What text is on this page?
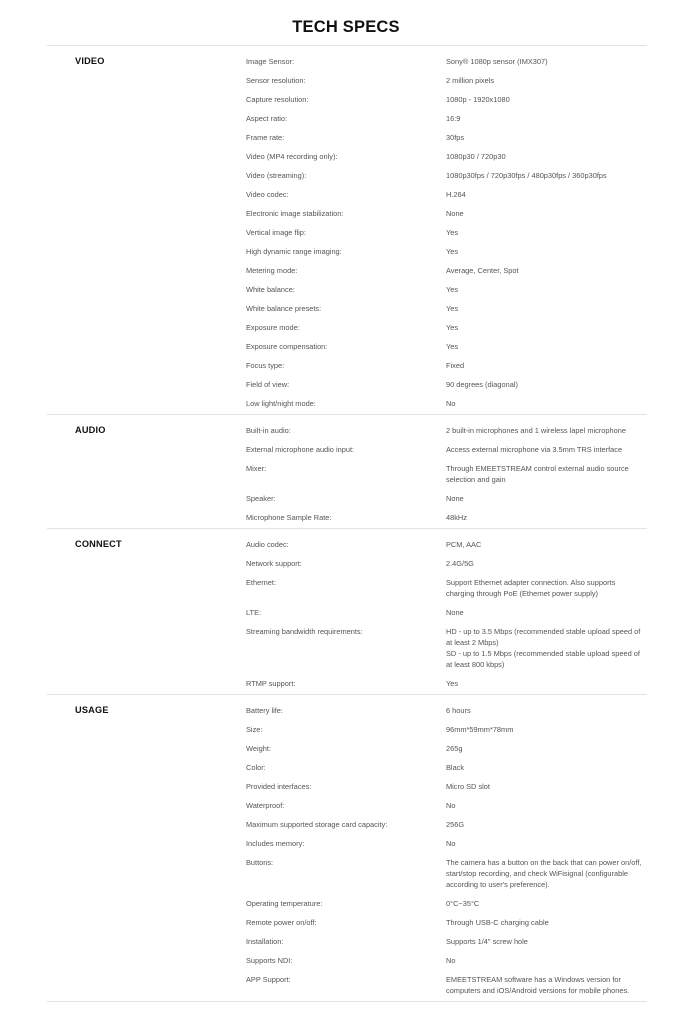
TECH SPECS
VIDEO	Image Sensor:	Sony® 1080p sensor (IMX307)
Sensor resolution:	2 million pixels
Capture resolution:	1080p - 1920x1080
Aspect ratio:	16:9
Frame rate:	30fps
Video (MP4 recording only):	1080p30 / 720p30
Video (streaming):	1080p30fps / 720p30fps / 480p30fps / 360p30fps
Video codec:	H.264
Electronic image stabilization:	None
Vertical image flip:	Yes
High dynamic range imaging:	Yes
Metering mode:	Average, Center, Spot
White balance:	Yes
White balance presets:	Yes
Exposure mode:	Yes
Exposure compensation:	Yes
Focus type:	Fixed
Field of view:	90 degrees (diagonal)
Low light/night mode:	No
AUDIO	Built-in audio:	2 built-in microphones and 1 wireless lapel microphone
External microphone audio input:	Access external microphone via 3.5mm TRS interface
Mixer:	Through EMEETSTREAM control external audio source selection and gain
Speaker:	None
Microphone Sample Rate:	48kHz
CONNECT	Audio codec:	PCM, AAC
Network support:	2.4G/5G
Ethernet:	Support Ethernet adapter connection. Also supports charging through PoE (Ethernet power supply)
LTE:	None
Streaming bandwidth requirements:	HD - up to 3.5 Mbps (recommended stable upload speed of at least 2 Mbps)
SD - up to 1.5 Mbps (recommended stable upload speed of at least 800 kbps)
RTMP support:	Yes
USAGE	Battery life:	6 hours
Size:	96mm*59mm*78mm
Weight:	265g
Color:	Black
Provided interfaces:	Micro SD slot
Waterproof:	No
Maximum supported storage card capacity:	256G
Includes memory:	No
Buttons:	The camera has a button on the back that can power on/off, start/stop recording, and check WiFisignal (configurable according to user's preference).
Operating temperature:	0°C~35°C
Remote power on/off:	Through USB-C charging cable
Installation:	Supports 1/4" screw hole
Supports NDI:	No
APP Support:	EMEETSTREAM software has a Windows version for computers and iOS/Android versions for mobile phones.
